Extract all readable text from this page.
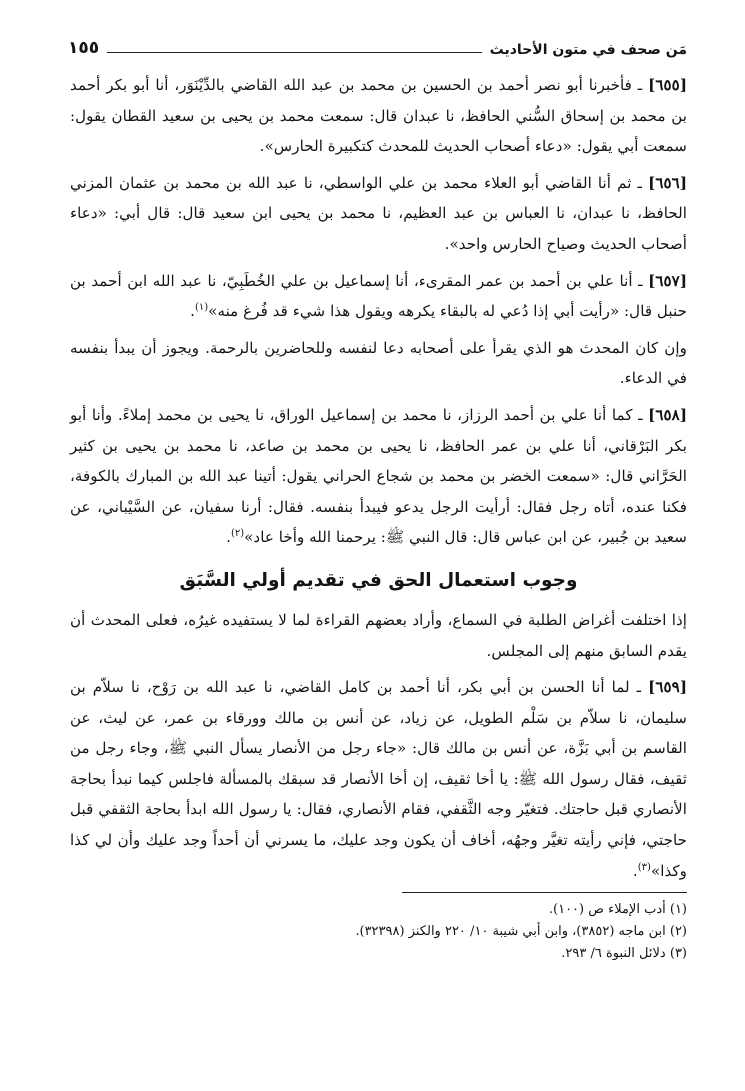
مَن صحف في متون الأحاديث
١٥٥

[٦٥٥] ـ فأخبرنا أبو نصر أحمد بن الحسين بن محمد بن عبد الله القاضي بالدِّيْنَوَر، أنا أبو بكر أحمد بن محمد بن إسحاق السُّني الحافظ، نا عبدان قال: سمعت محمد بن يحيى بن سعيد القطان يقول: سمعت أبي يقول: «دعاء أصحاب الحديث للمحدث كتكبيرة الحارس».

[٦٥٦] ـ ثم أنا القاضي أبو العلاء محمد بن علي الواسطي، نا عبد الله بن محمد بن عثمان المزني الحافظ، نا عبدان، نا العباس بن عبد العظيم، نا محمد بن يحيى ابن سعيد قال: قال أبي: «دعاء أصحاب الحديث وصياح الحارس واحد».

[٦٥٧] ـ أنا علي بن أحمد بن عمر المقرىء، أنا إسماعيل بن علي الخُطَبِيّ، نا عبد الله ابن أحمد بن حنبل قال: «رأيت أبي إذا دُعي له بالبقاء يكرهه ويقول هذا شيء قد فُرغ منه»$^{(١)}$.

وإن كان المحدث هو الذي يقرأ على أصحابه دعا لنفسه وللحاضرين بالرحمة. ويجوز أن يبدأ بنفسه في الدعاء.

[٦٥٨] ـ كما أنا علي بن أحمد الرزاز، نا محمد بن إسماعيل الوراق، نا يحيى بن محمد إملاءً. وأنا أبو بكر البَرْقاني، أنا علي بن عمر الحافظ، نا يحيى بن محمد بن صاعد، نا محمد بن يحيى بن كثير الحَرَّاني قال: «سمعت الخضر بن محمد بن شجاع الحراني يقول: أتينا عبد الله بن المبارك بالكوفة، فكنا عنده، أتاه رجل فقال: أرأيت الرجل يدعو فيبدأ بنفسه. فقال: أرنا سفيان، عن السَّيْباني، عن سعيد بن جُبير، عن ابن عباس قال: قال النبي ﷺ: يرحمنا الله وأخا عاد»$^{(٢)}$.

وجوب استعمال الحق في تقديم أولي السَّبَق

إذا اختلفت أغراض الطلبة في السماع، وأراد بعضهم القراءة لما لا يستفيده غيرُه، فعلى المحدث أن يقدم السابق منهم إلى المجلس.

[٦٥٩] ـ لما أنا الحسن بن أبي بكر، أنا أحمد بن كامل القاضي، نا عبد الله بن رَوْح، نا سلاّم بن سليمان، نا سلاّم بن سَلْم الطويل، عن زياد، عن أنس بن مالك وورقاء بن عمر، عن ليث، عن القاسم بن أبي بَزَّة، عن أنس بن مالك قال: «جاء رجل من الأنصار يسأل النبي ﷺ، وجاء رجل من ثقيف، فقال رسول الله ﷺ: يا أخا ثقيف، إن أخا الأنصار قد سبقك بالمسألة فاجلس كيما نبدأ بحاجة الأنصاري قبل حاجتك. فتغيّر وجه الثَّقفي، فقام الأنصاري، فقال: يا رسول الله ابدأ بحاجة الثقفي قبل حاجتي، فإني رأيته تغيَّر وجهُه، أخاف أن يكون وجد عليك، ما يسرني أن أحداً وجد عليك وأن لي كذا وكذا»$^{(٣)}$.

(١) أدب الإملاء ص (١٠٠).

(٢) ابن ماجه (٣٨٥٢)، وابن أبي شيبة ١٠/ ٢٢٠ والكنز (٣٢٣٩٨).

(٣) دلائل النبوة ٦/ ٢٩٣.
